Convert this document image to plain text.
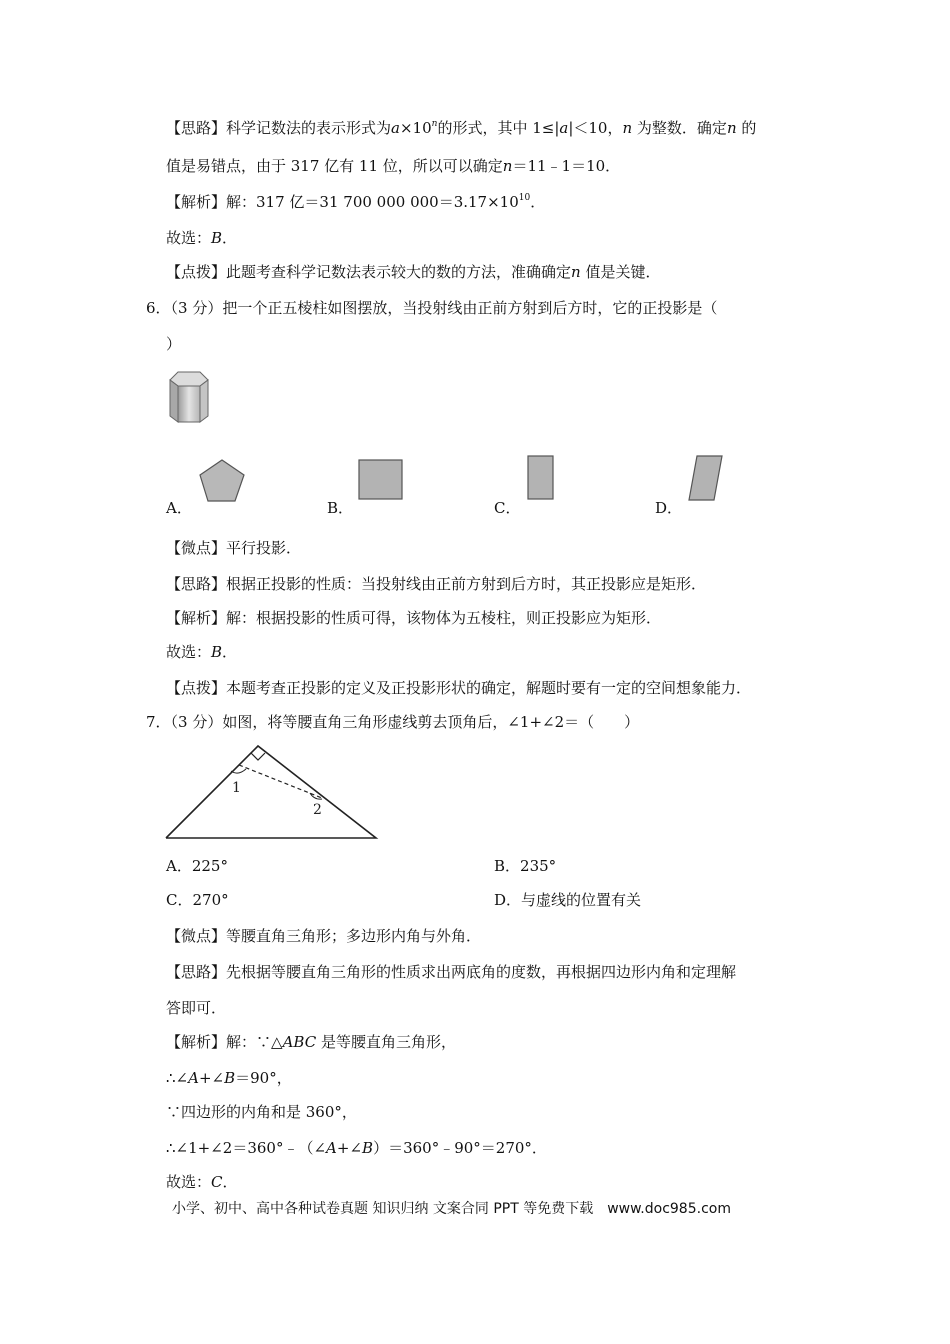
【思路】科学记数法的表示形式为$a\times 10^n$的形式，其中 1≤|a|＜10，n 为整数．确定n 的
值是易错点，由于 317 亿有 11 位，所以可以确定n＝11﹣1＝10．
【解析】解：317 亿＝31 700 000 $000=3.17\times 10^{10}$．
故选：B．
【点拨】此题考查科学记数法表示较大的数的方法，准确确定n 值是关键．
6．（3 分）把一个正五棱柱如图摆放，当投射线由正前方射到后方时，它的正投影是（
）
A．	B．	C．	D．
【微点】平行投影．
【思路】根据正投影的性质：当投射线由正前方射到后方时，其正投影应是矩形．
【解析】解：根据投影的性质可得，该物体为五棱柱，则正投影应为矩形．
故选：B．
【点拨】本题考查正投影的定义及正投影形状的确定，解题时要有一定的空间想象能力．
7．（3 分）如图，将等腰直角三角形虚线剪去顶角后，∠1+∠2＝（　　）
1
2
A．225°	B．235°
C．270°	D．与虚线的位置有关
【微点】等腰直角三角形；多边形内角与外角．
【思路】先根据等腰直角三角形的性质求出两底角的度数，再根据四边形内角和定理解
答即可．
【解析】解：∵△ABC 是等腰直角三角形，
∴∠A+∠B＝90°，
∵四边形的内角和是 360°，
∴∠1+∠2＝360°﹣（∠A+∠B）＝360°﹣90°＝270°．
故选：C．
小学、初中、高中各种试卷真题 知识归纳 文案合同 PPT 等免费下载　www.doc985.com
